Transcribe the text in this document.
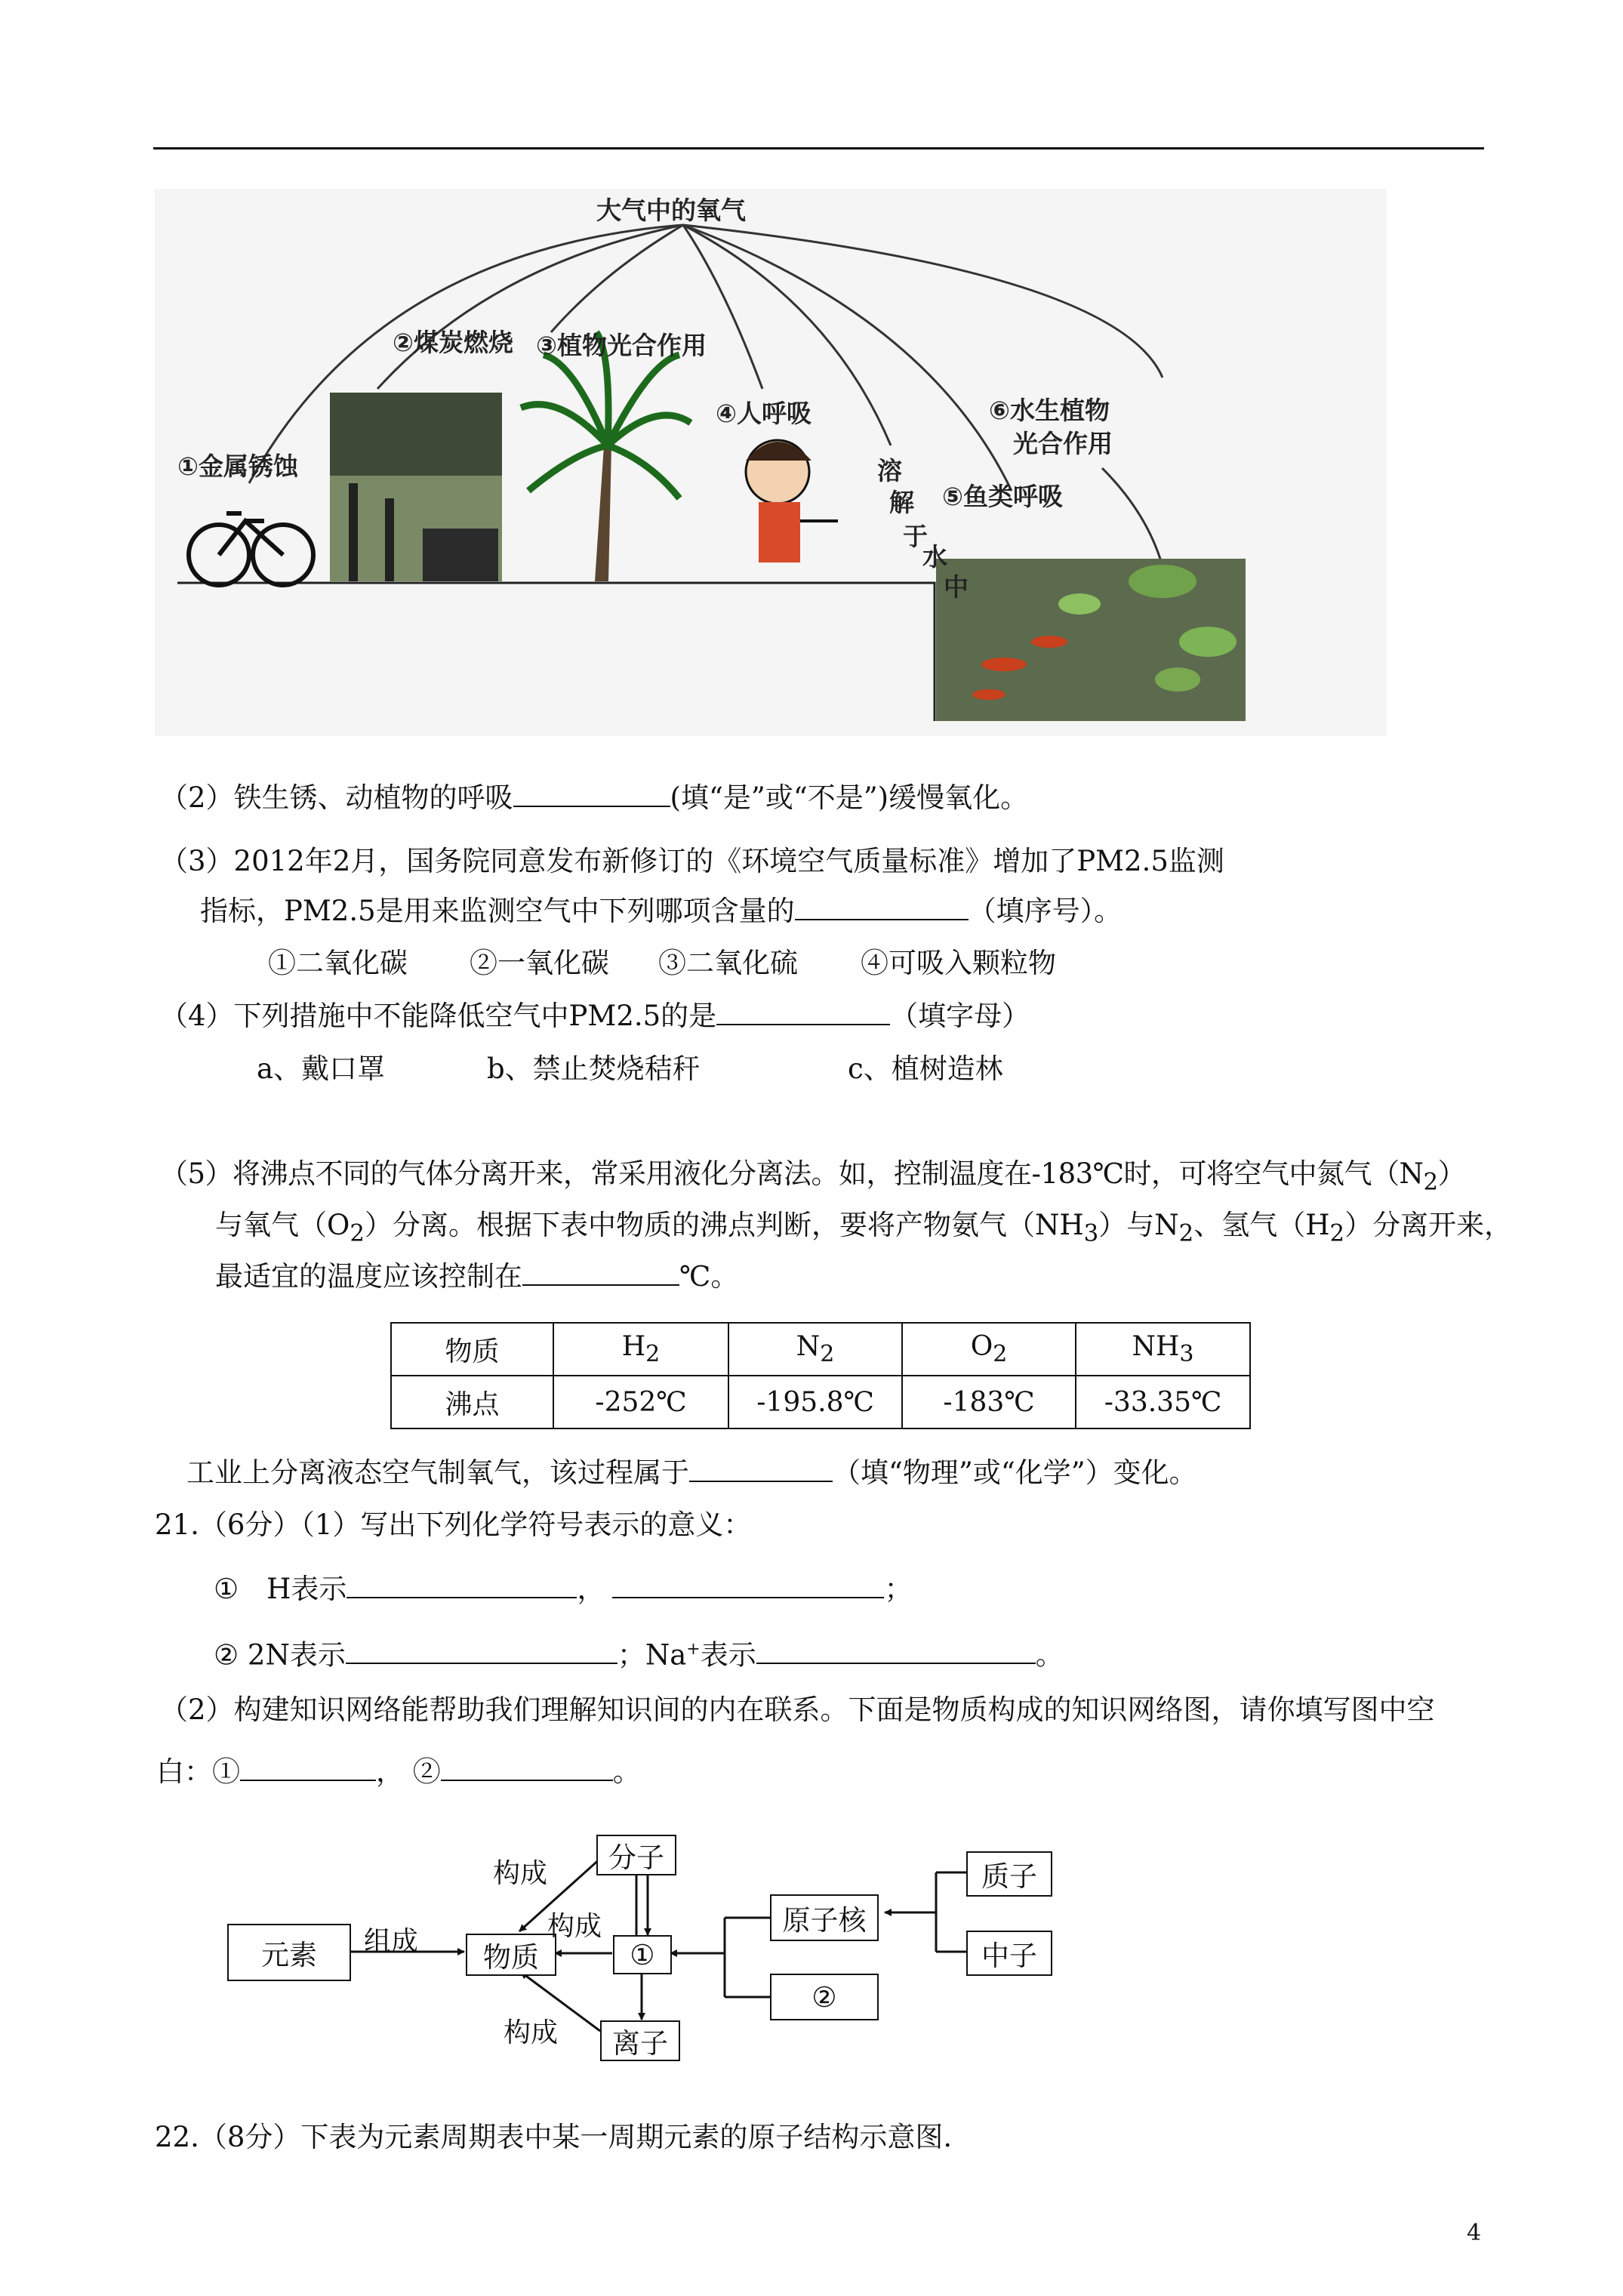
大气中的氧气
①金属锈蚀
②煤炭燃烧 ③植物光合作用
④人呼吸
⑤鱼类呼吸
⑥水生植物
光合作用
溶
解
于
水
中
（2）铁生锈、动植物的呼吸	(填“是”或“不是”)缓慢氧化。
（3）2012年2月，国务院同意发布新修订的《环境空气质量标准》增加了PM2.5监测
指标，PM2.5是用来监测空气中下列哪项含量的	（填序号）。
①二氧化碳 ②一氧化碳 ③二氧化硫 ④可吸入颗粒物
（4）下列措施中不能降低空气中PM2.5的是	（填字母）
a、戴口罩	b、禁止焚烧秸秆	c、植树造林
（5）将沸点不同的气体分离开来，常采用液化分离法。如，控制温度在-183℃时，可将空气中氮气$(N_2)$
与氧气$(O_2)$分离。根据下表中物质的沸点判断，要将产物氨气$(NH_3)$与$N_2$、氢气$(H_2)$分离开来，
最适宜的温度应该控制在	℃。
物质	$H_2$	$N_2$	$O_2$	$NH_3$
沸点	-252℃	-195.8℃	-183℃	-33.35℃
工业上分离液态空气制氧气，该过程属于	（填“物理”或“化学”）变化。
21.（6分）（1）写出下列化学符号表示的意义：
①　H表示	，	；
② 2N表示	；Na+表示	。
（2）构建知识网络能帮助我们理解知识间的内在联系。下面是物质构成的知识网络图，请你填写图中空
白：①	， ②	。
元素	组成	物质
分子
离子
构成
构成
构成
①
原子核
②
质子
中子
22.（8分）下表为元素周期表中某一周期元素的原子结构示意图.
4
